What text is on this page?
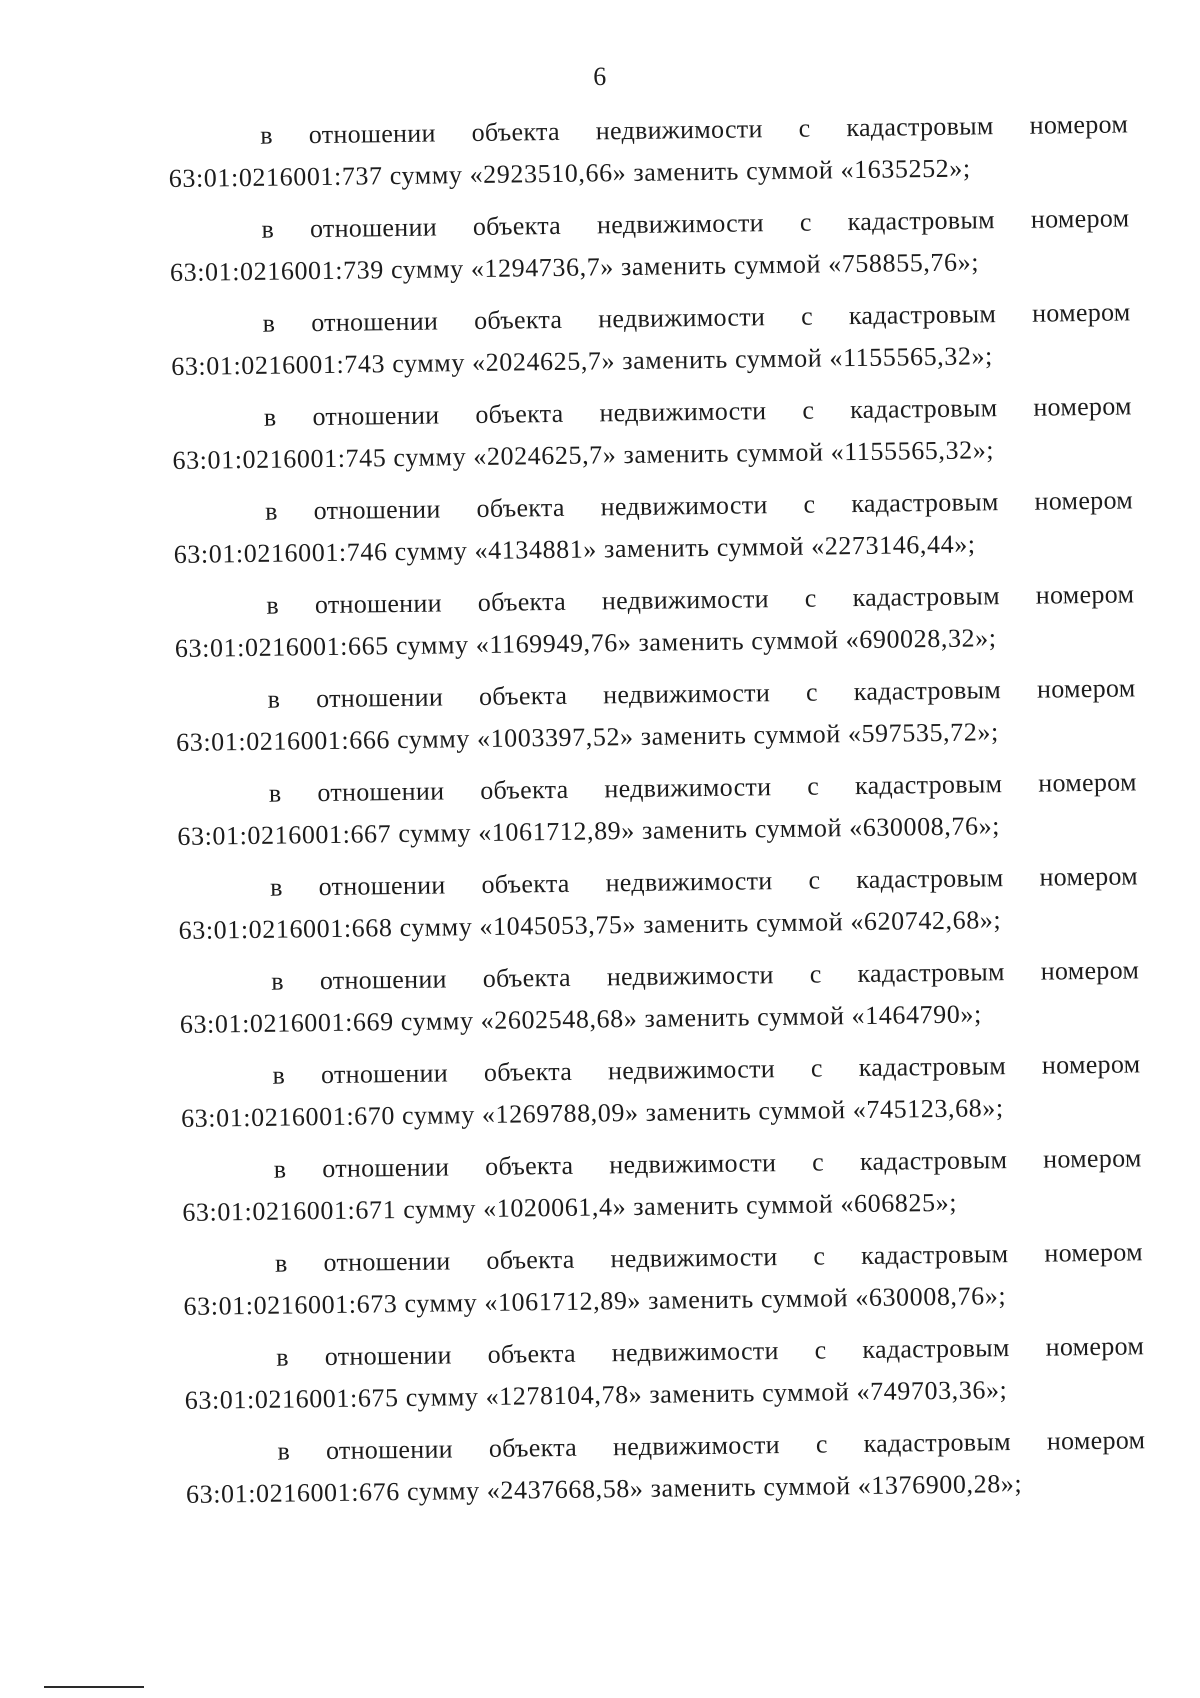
6
в отношении объекта недвижимости с кадастровым номером
63:01:0216001:737 сумму «2923510,66» заменить суммой «1635252»;
в отношении объекта недвижимости с кадастровым номером
63:01:0216001:739 сумму «1294736,7» заменить суммой «758855,76»;
в отношении объекта недвижимости с кадастровым номером
63:01:0216001:743 сумму «2024625,7» заменить суммой «1155565,32»;
в отношении объекта недвижимости с кадастровым номером
63:01:0216001:745 сумму «2024625,7» заменить суммой «1155565,32»;
в отношении объекта недвижимости с кадастровым номером
63:01:0216001:746 сумму «4134881» заменить суммой «2273146,44»;
в отношении объекта недвижимости с кадастровым номером
63:01:0216001:665 сумму «1169949,76» заменить суммой «690028,32»;
в отношении объекта недвижимости с кадастровым номером
63:01:0216001:666 сумму «1003397,52» заменить суммой «597535,72»;
в отношении объекта недвижимости с кадастровым номером
63:01:0216001:667 сумму «1061712,89» заменить суммой «630008,76»;
в отношении объекта недвижимости с кадастровым номером
63:01:0216001:668 сумму «1045053,75» заменить суммой «620742,68»;
в отношении объекта недвижимости с кадастровым номером
63:01:0216001:669 сумму «2602548,68» заменить суммой «1464790»;
в отношении объекта недвижимости с кадастровым номером
63:01:0216001:670 сумму «1269788,09» заменить суммой «745123,68»;
в отношении объекта недвижимости с кадастровым номером
63:01:0216001:671 сумму «1020061,4» заменить суммой «606825»;
в отношении объекта недвижимости с кадастровым номером
63:01:0216001:673 сумму «1061712,89» заменить суммой «630008,76»;
в отношении объекта недвижимости с кадастровым номером
63:01:0216001:675 сумму «1278104,78» заменить суммой «749703,36»;
в отношении объекта недвижимости с кадастровым номером
63:01:0216001:676 сумму «2437668,58» заменить суммой «1376900,28»;
